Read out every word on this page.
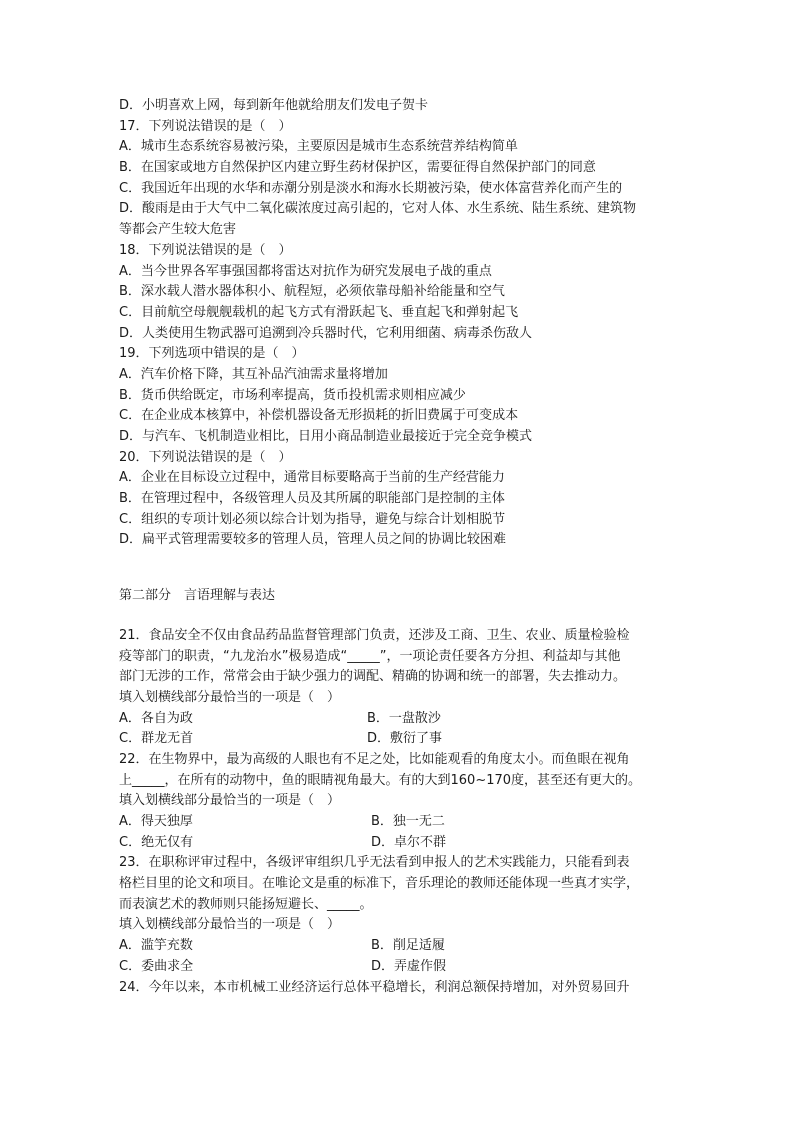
D．小明喜欢上网，每到新年他就给朋友们发电子贺卡
17．下列说法错误的是（　）
A．城市生态系统容易被污染，主要原因是城市生态系统营养结构简单
B．在国家或地方自然保护区内建立野生药材保护区，需要征得自然保护部门的同意
C．我国近年出现的水华和赤潮分别是淡水和海水长期被污染，使水体富营养化而产生的
D．酸雨是由于大气中二氧化碳浓度过高引起的，它对人体、水生系统、陆生系统、建筑物
等都会产生较大危害
18．下列说法错误的是（　）
A．当今世界各军事强国都将雷达对抗作为研究发展电子战的重点
B．深水载人潜水器体积小、航程短，必须依靠母船补给能量和空气
C．目前航空母舰舰载机的起飞方式有滑跃起飞、垂直起飞和弹射起飞
D．人类使用生物武器可追溯到冷兵器时代，它利用细菌、病毒杀伤敌人
19．下列选项中错误的是（　）
A．汽车价格下降，其互补品汽油需求量将增加
B．货币供给既定，市场利率提高，货币投机需求则相应减少
C．在企业成本核算中，补偿机器设备无形损耗的折旧费属于可变成本
D．与汽车、飞机制造业相比，日用小商品制造业最接近于完全竞争模式
20．下列说法错误的是（　）
A．企业在目标设立过程中，通常目标要略高于当前的生产经营能力
B．在管理过程中，各级管理人员及其所属的职能部门是控制的主体
C．组织的专项计划必须以综合计划为指导，避免与综合计划相脱节
D．扁平式管理需要较多的管理人员，管理人员之间的协调比较困难
第二部分　言语理解与表达
21．食品安全不仅由食品药品监督管理部门负责，还涉及工商、卫生、农业、质量检验检
疫等部门的职责，“九龙治水”极易造成“_____”，一项论责任要各方分担、利益却与其他
部门无涉的工作，常常会由于缺少强力的调配、精确的协调和统一的部署，失去推动力。
填入划横线部分最恰当的一项是（　）
A．各自为政	B．一盘散沙
C．群龙无首	D．敷衍了事
22．在生物界中，最为高级的人眼也有不足之处，比如能观看的角度太小。而鱼眼在视角
上_____，在所有的动物中，鱼的眼睛视角最大。有的大到160~170度，甚至还有更大的。
填入划横线部分最恰当的一项是（　）
A．得天独厚	B．独一无二
C．绝无仅有	D．卓尔不群
23．在职称评审过程中，各级评审组织几乎无法看到申报人的艺术实践能力，只能看到表
格栏目里的论文和项目。在唯论文是重的标准下，音乐理论的教师还能体现一些真才实学，
而表演艺术的教师则只能扬短避长、_____。
填入划横线部分最恰当的一项是（　）
A．滥竽充数	B．削足适履
C．委曲求全	D．弄虚作假
24．今年以来，本市机械工业经济运行总体平稳增长，利润总额保持增加，对外贸易回升
